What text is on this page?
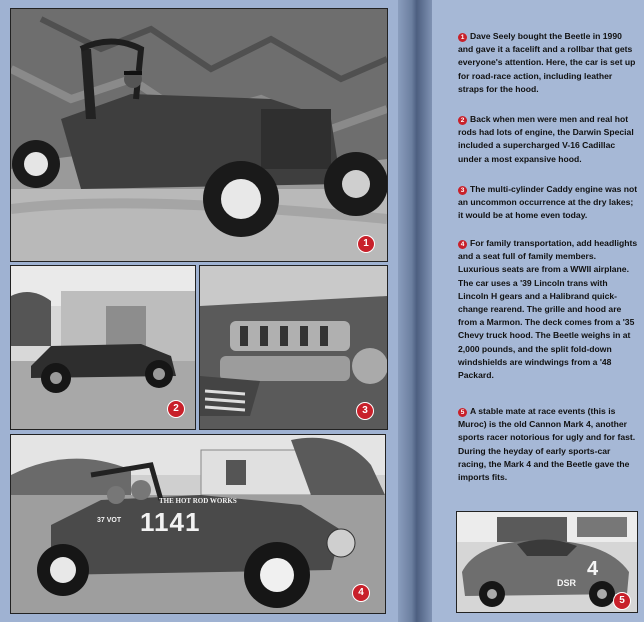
1
2	3
1141
THE HOT ROD WORKS
37 VOT
4
4
DSR
5
1 Dave Seely bought the Beetle in 1990 and gave it a facelift and a rollbar that gets everyone's attention. Here, the car is set up for road-race action, including leather straps for the hood.
2 Back when men were men and real hot rods had lots of engine, the Darwin Special included a supercharged V-16 Cadillac under a most expansive hood.
3 The multi-cylinder Caddy engine was not an uncommon occurrence at the dry lakes; it would be at home even today.
4 For family transportation, add headlights and a seat full of family members. Luxurious seats are from a WWII airplane. The car uses a '39 Lincoln trans with Lincoln H gears and a Halibrand quick-change rearend. The grille and hood are from a Marmon. The deck comes from a '35 Chevy truck hood. The Beetle weighs in at 2,000 pounds, and the split fold-down windshields are windwings from a '48 Packard.
5 A stable mate at race events (this is Muroc) is the old Cannon Mark 4, another sports racer notorious for ugly and for fast. During the heyday of early sports-car racing, the Mark 4 and the Beetle gave the imports fits.
